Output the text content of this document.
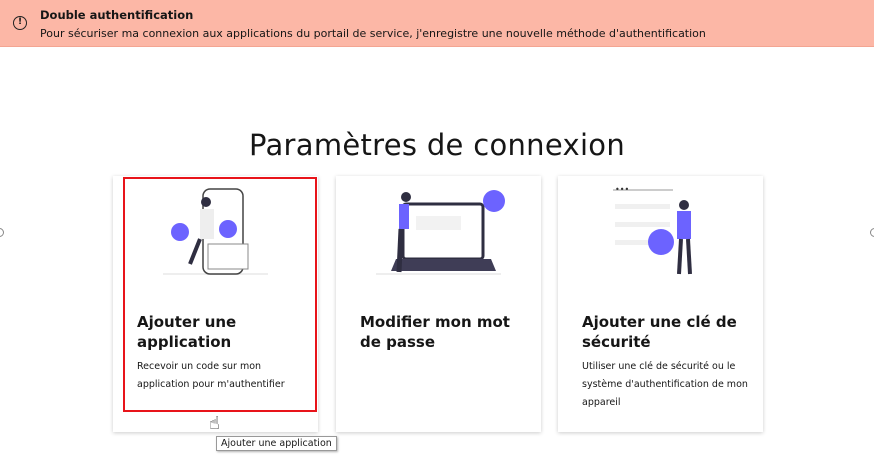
!	Double authentification
Pour sécuriser ma connexion aux applications du portail de service, j'enregistre une nouvelle méthode d'authentification
Paramètres de connexion
Ajouter une application
Recevoir un code sur mon application pour m'authentifier
Modifier mon mot de passe
•••
Ajouter une clé de sécurité
Utiliser une clé de sécurité ou le système d'authentification de mon appareil
☝
Ajouter une application
